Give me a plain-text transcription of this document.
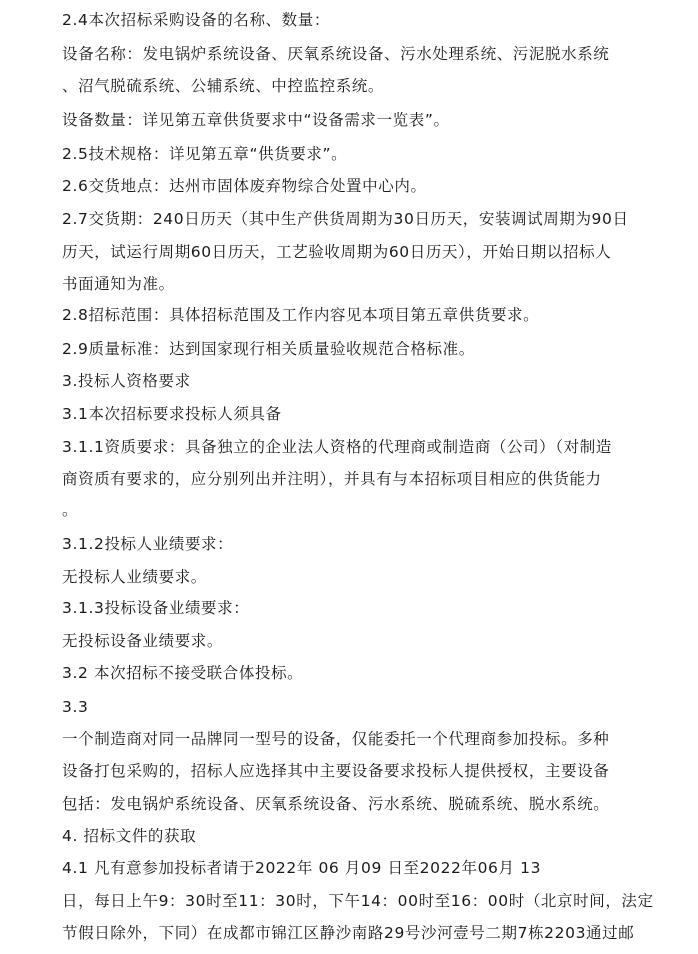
2.4本次招标采购设备的名称、数量：
设备名称：发电锅炉系统设备、厌氧系统设备、污水处理系统、污泥脱水系统
、沼气脱硫系统、公辅系统、中控监控系统。
设备数量：详见第五章供货要求中“设备需求一览表”。
2.5技术规格：详见第五章“供货要求”。
2.6交货地点：达州市固体废弃物综合处置中心内。
2.7交货期：240日历天（其中生产供货周期为30日历天，安装调试周期为90日
历天，试运行周期60日历天，工艺验收周期为60日历天），开始日期以招标人
书面通知为准。
2.8招标范围：具体招标范围及工作内容见本项目第五章供货要求。
2.9质量标准：达到国家现行相关质量验收规范合格标准。
3.投标人资格要求
3.1本次招标要求投标人须具备
3.1.1资质要求：具备独立的企业法人资格的代理商或制造商（公司）（对制造
商资质有要求的，应分别列出并注明），并具有与本招标项目相应的供货能力
。
3.1.2投标人业绩要求：
无投标人业绩要求。
3.1.3投标设备业绩要求：
无投标设备业绩要求。
3.2 本次招标不接受联合体投标。
3.3
一个制造商对同一品牌同一型号的设备，仅能委托一个代理商参加投标。多种
设备打包采购的，招标人应选择其中主要设备要求投标人提供授权，主要设备
包括：发电锅炉系统设备、厌氧系统设备、污水系统、脱硫系统、脱水系统。
4. 招标文件的获取
4.1 凡有意参加投标者请于2022年 06 月09 日至2022年06月 13
日，每日上午9：30时至11：30时，下午14：00时至16：00时（北京时间，法定
节假日除外，下同）在成都市锦江区静沙南路29号沙河壹号二期7栋2203通过邮
